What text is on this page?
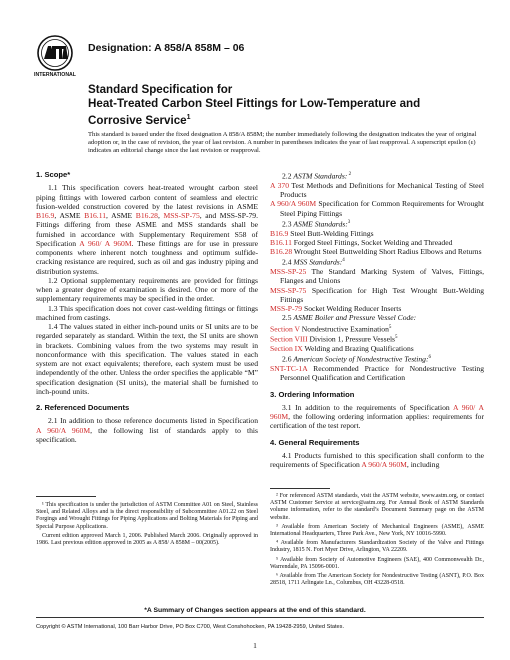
INTERNATIONAL
Designation: A 858/A 858M – 06
Standard Specification for
Heat-Treated Carbon Steel Fittings for Low-Temperature and
Corrosive Service$^1$
This standard is issued under the fixed designation A 858/A 858M; the number immediately following the designation indicates the year of original adoption or, in the case of revision, the year of last revision. A number in parentheses indicates the year of last reapproval. A superscript epsilon (ε) indicates an editorial change since the last revision or reapproval.

1. Scope*

1.1 This specification covers heat-treated wrought carbon steel piping fittings with lowered carbon content of seamless and electric fusion-welded construction covered by the latest revisions in ASME B16.9, ASME B16.11, ASME B16.28, MSS-SP-75, and MSS-SP-79. Fittings differing from these ASME and MSS standards shall be furnished in accordance with Supplementary Requirement S58 of Specification A 960/ A 960M. These fittings are for use in pressure components where inherent notch toughness and optimum sulfide-cracking resistance are required, such as oil and gas industry piping and distribution systems.

1.2 Optional supplementary requirements are provided for fittings when a greater degree of examination is desired. One or more of the supplementary requirements may be specified in the order.

1.3 This specification does not cover cast-welding fittings or fittings machined from castings.

1.4 The values stated in either inch-pound units or SI units are to be regarded separately as standard. Within the text, the SI units are shown in brackets. Combining values from the two systems may result in nonconformance with this specification. The values stated in each system are not exact equivalents; therefore, each system must be used independently of the other. Unless the order specifies the applicable “M” specification designation (SI units), the material shall be furnished to inch-pound units.

2. Referenced Documents

2.1 In addition to those reference documents listed in Specification A 960/A 960M, the following list of standards apply to this specification.

2.2 ASTM Standards: $^2$

A 370 Test Methods and Definitions for Mechanical Testing of Steel Products

A 960/A 960M Specification for Common Requirements for Wrought Steel Piping Fittings

2.3 ASME Standards:$^3$

B16.9 Steel Butt-Welding Fittings

B16.11 Forged Steel Fittings, Socket Welding and Threaded

B16.28 Wrought Steel Buttwelding Short Radius Elbows and Returns

2.4 MSS Standards:$^4$

MSS-SP-25 The Standard Marking System of Valves, Fittings, Flanges and Unions

MSS-SP-75 Specification for High Test Wrought Butt-Welding Fittings

MSS-P-79 Socket Welding Reducer Inserts

2.5 ASME Boiler and Pressure Vessel Code:

Section V Nondestructive Examination$^5$

Section VIII Division 1, Pressure Vessels$^5$

Section IX Welding and Brazing Qualifications

2.6 American Society of Nondestructive Testing:$^6$

SNT-TC-1A Recommended Practice for Nondestructive Testing Personnel Qualification and Certification

3. Ordering Information

3.1 In addition to the requirements of Specification A 960/ A 960M, the following ordering information applies: requirements for certification of the test report.

4. General Requirements

4.1 Products furnished to this specification shall conform to the requirements of Specification A 960/A 960M, including

¹ This specification is under the jurisdiction of ASTM Committee A01 on Steel, Stainless Steel, and Related Alloys and is the direct responsibility of Subcommittee A01.22 on Steel Forgings and Wrought Fittings for Piping Applications and Bolting Materials for Piping and Special Purpose Applications.

Current edition approved March 1, 2006. Published March 2006. Originally approved in 1986. Last previous edition approved in 2005 as A 858/ A 858M – 00(2005).

² For referenced ASTM standards, visit the ASTM website, www.astm.org, or contact ASTM Customer Service at service@astm.org. For Annual Book of ASTM Standards volume information, refer to the standard’s Document Summary page on the ASTM website.

³ Available from American Society of Mechanical Engineers (ASME), ASME International Headquarters, Three Park Ave., New York, NY 10016-5990.

⁴ Available from Manufacturers Standardization Society of the Valve and Fittings Industry, 1815 N. Fort Myer Drive, Arlington, VA 22209.

⁵ Available from Society of Automotive Engineers (SAE), 400 Commonwealth Dr., Warrendale, PA 15096-0001.

⁶ Available from The American Society for Nondestructive Testing (ASNT), P.O. Box 28518, 1711 Arlingate Ln., Columbus, OH 43228-0518.

*A Summary of Changes section appears at the end of this standard.
Copyright © ASTM International, 100 Barr Harbor Drive, PO Box C700, West Conshohocken, PA 19428-2959, United States.
1
